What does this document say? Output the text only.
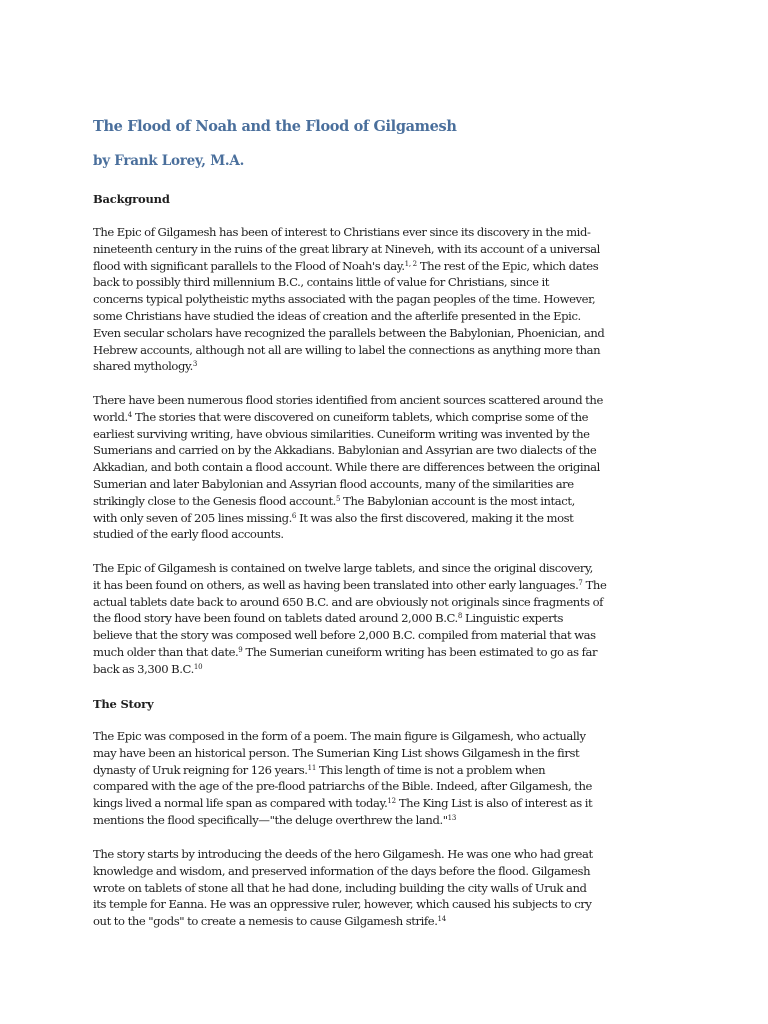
The Flood of Noah and the Flood of Gilgamesh
by Frank Lorey, M.A.
Background
The Epic of Gilgamesh has been of interest to Christians ever since its discovery in the mid-
nineteenth century in the ruins of the great library at Nineveh, with its account of a universal
flood with significant parallels to the Flood of Noah's day.$^{1, 2}$ The rest of the Epic, which dates
back to possibly third millennium B.C., contains little of value for Christians, since it
concerns typical polytheistic myths associated with the pagan peoples of the time. However,
some Christians have studied the ideas of creation and the afterlife presented in the Epic.
Even secular scholars have recognized the parallels between the Babylonian, Phoenician, and
Hebrew accounts, although not all are willing to label the connections as anything more than
shared mythology.$^3$
There have been numerous flood stories identified from ancient sources scattered around the
world.$^4$ The stories that were discovered on cuneiform tablets, which comprise some of the
earliest surviving writing, have obvious similarities. Cuneiform writing was invented by the
Sumerians and carried on by the Akkadians. Babylonian and Assyrian are two dialects of the
Akkadian, and both contain a flood account. While there are differences between the original
Sumerian and later Babylonian and Assyrian flood accounts, many of the similarities are
strikingly close to the Genesis flood account.$^5$ The Babylonian account is the most intact,
with only seven of 205 lines missing.$^6$ It was also the first discovered, making it the most
studied of the early flood accounts.
The Epic of Gilgamesh is contained on twelve large tablets, and since the original discovery,
it has been found on others, as well as having been translated into other early languages.$^7$ The
actual tablets date back to around 650 B.C. and are obviously not originals since fragments of
the flood story have been found on tablets dated around 2,000 B.C.$^8$ Linguistic experts
believe that the story was composed well before 2,000 B.C. compiled from material that was
much older than that date.$^9$ The Sumerian cuneiform writing has been estimated to go as far
back as 3,300 B.C.$^{10}$
The Story
The Epic was composed in the form of a poem. The main figure is Gilgamesh, who actually
may have been an historical person. The Sumerian King List shows Gilgamesh in the first
dynasty of Uruk reigning for 126 years.$^{11}$ This length of time is not a problem when
compared with the age of the pre-flood patriarchs of the Bible. Indeed, after Gilgamesh, the
kings lived a normal life span as compared with today.$^{12}$ The King List is also of interest as it
mentions the flood specifically—"the deluge overthrew the land."$^{13}$
The story starts by introducing the deeds of the hero Gilgamesh. He was one who had great
knowledge and wisdom, and preserved information of the days before the flood. Gilgamesh
wrote on tablets of stone all that he had done, including building the city walls of Uruk and
its temple for Eanna. He was an oppressive ruler, however, which caused his subjects to cry
out to the "gods" to create a nemesis to cause Gilgamesh strife.$^{14}$
